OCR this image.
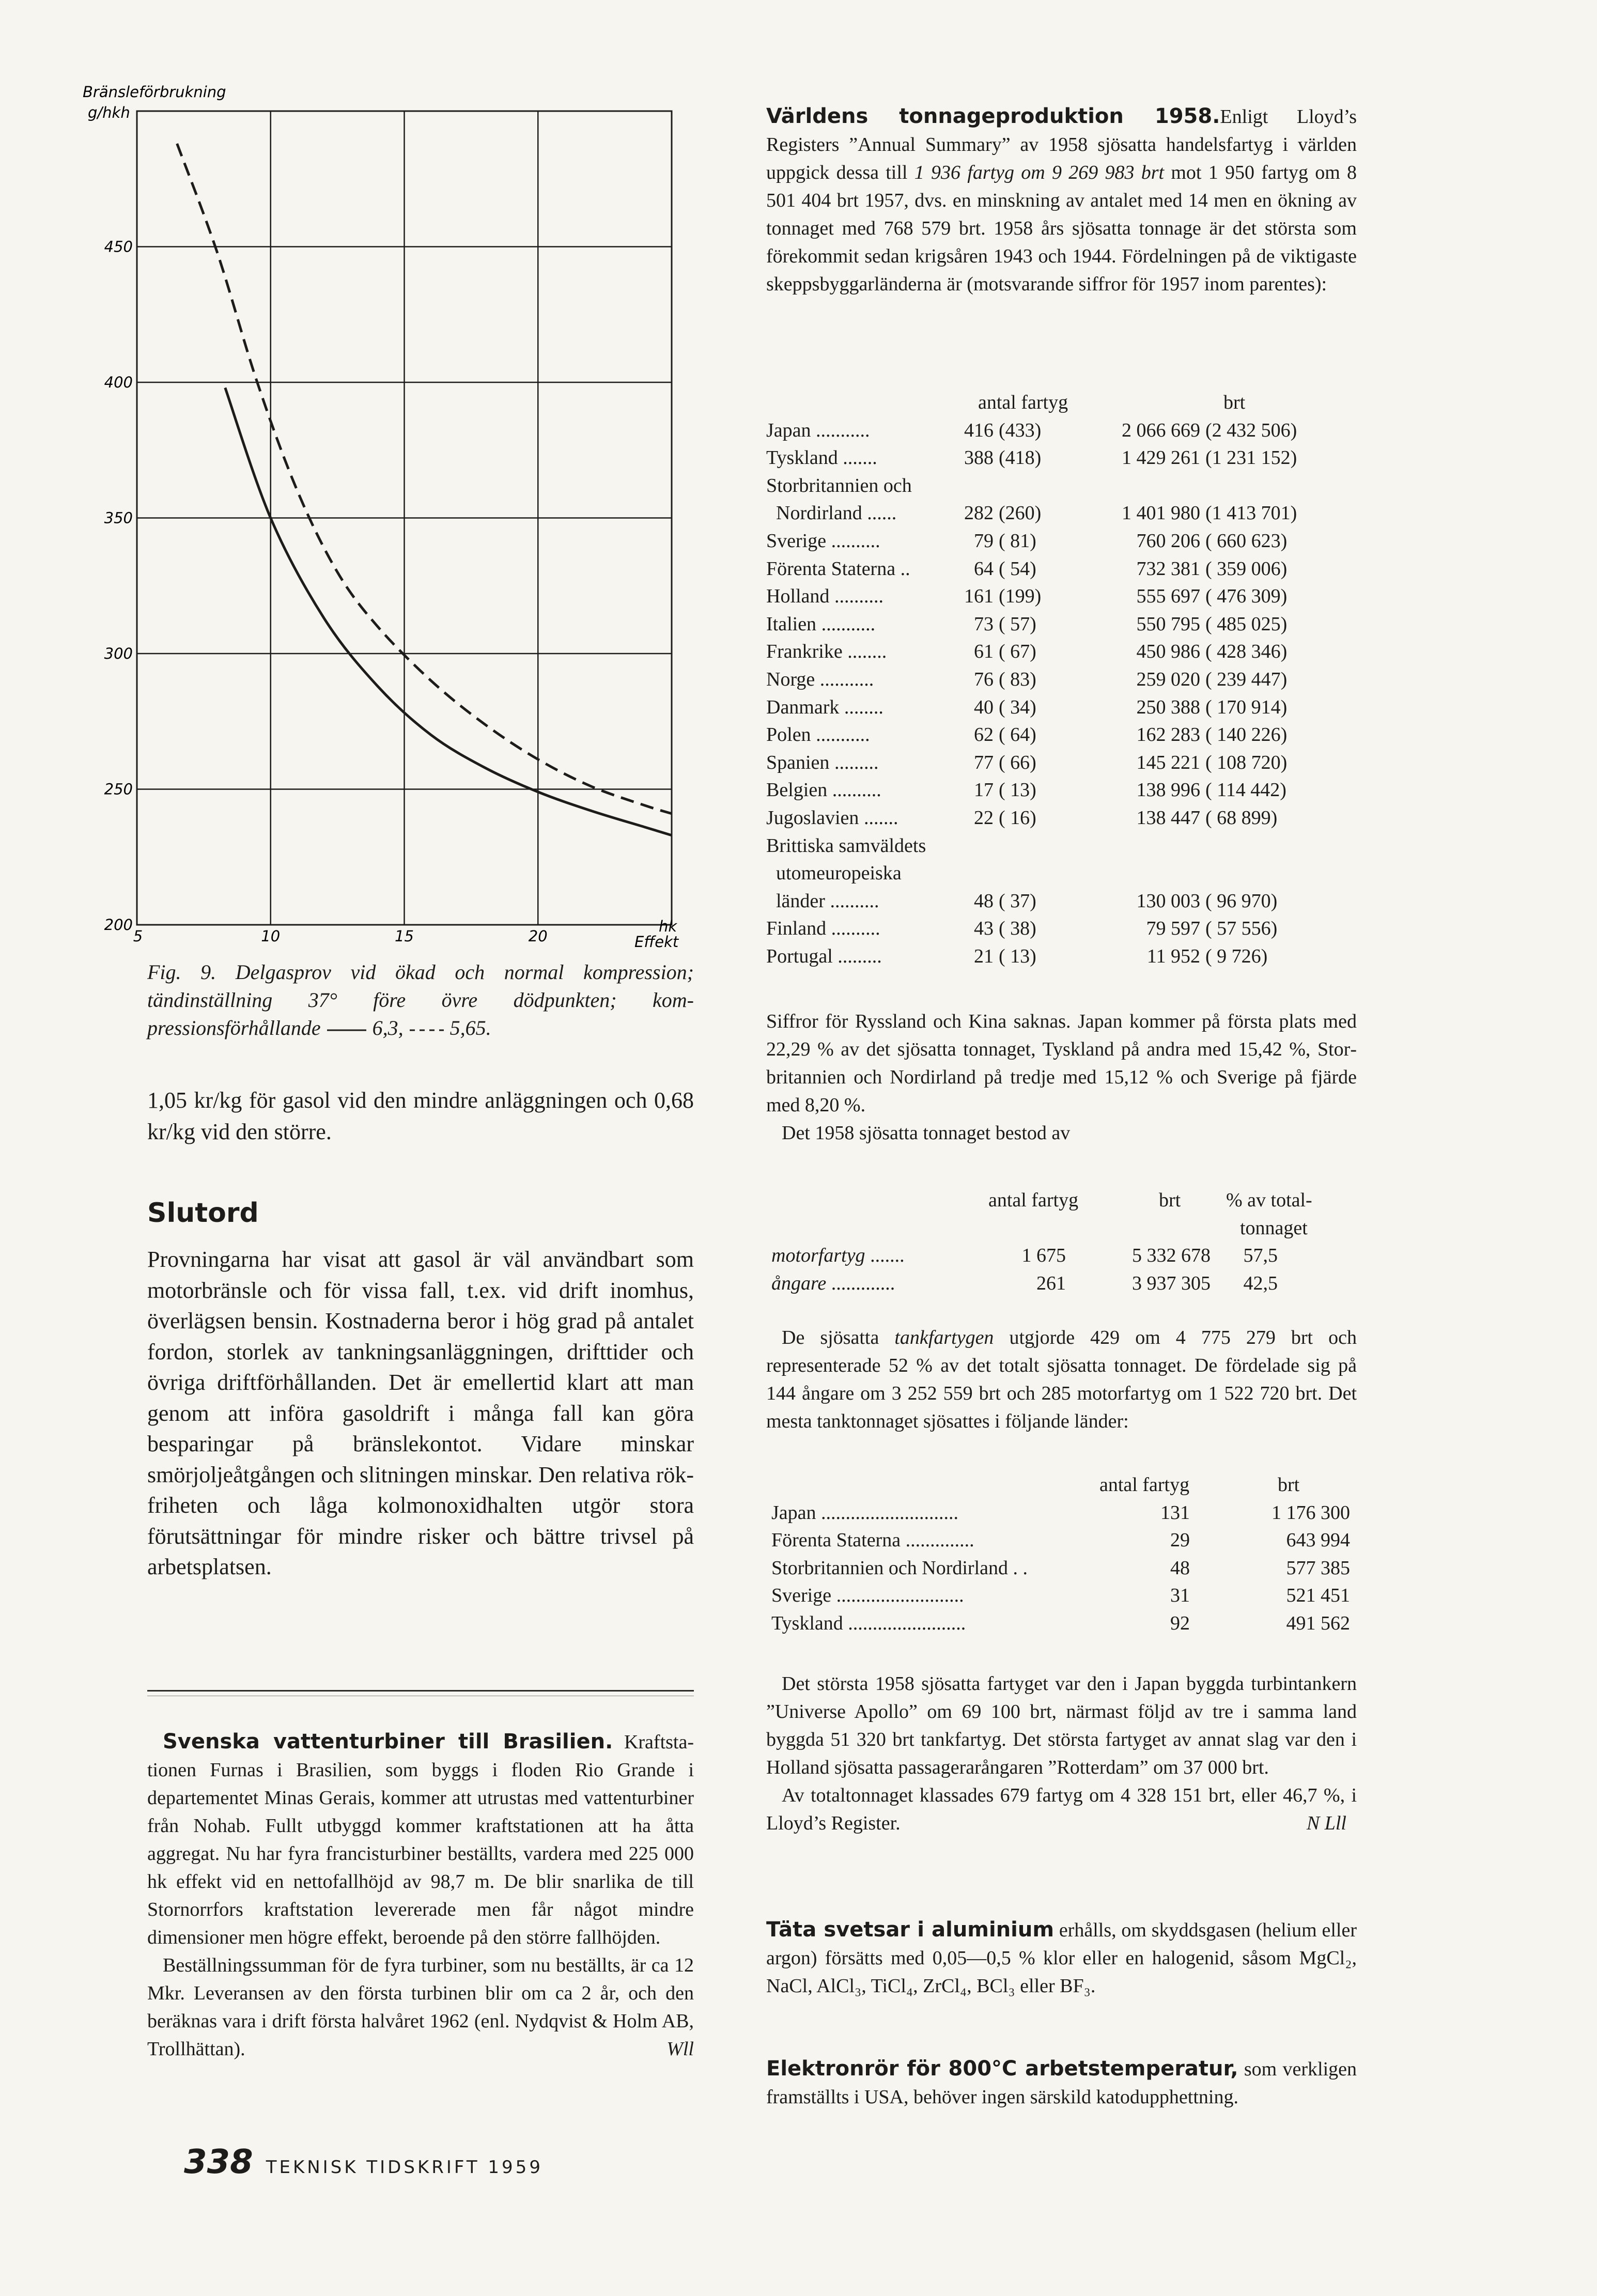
Bränsleförbrukning
g/hkh
200
250
300
350
400
450
5	10	15	20
hk
Effekt

Fig. 9. Delgasprov vid ökad och normal kompression; tändinställning 37° före övre dödpunkten; kompressionsförhållande	6,3, 5,65.

1,05 kr/kg för gasol vid den mindre anläggningen och 0,68 kr/kg vid den större.
Slutord
Provningarna har visat att gasol är väl användbart som motorbränsle och för vissa fall, t.ex. vid drift inomhus, överlägsen bensin. Kostnaderna beror i hög grad på antalet fordon, storlek av tankningsanläggningen, drifttider och övriga driftförhållanden. Det är emellertid klart att man genom att införa gasoldrift i många fall kan göra besparingar på bränslekontot. Vidare minskar smörjoljeåtgången och slitningen minskar. Den relativa rökfriheten och låga kolmonoxidhalten utgör stora förutsättningar för mindre risker och bättre trivsel på arbetsplatsen.

Svenska vattenturbiner till Brasilien. Kraftstationen Furnas i Brasilien, som byggs i floden Rio Grande i departementet Minas Gerais, kommer att utrustas med vattenturbiner från Nohab. Fullt utbyggd kommer kraftstationen att ha åtta aggregat. Nu har fyra francisturbiner beställts, vardera med 225 000 hk effekt vid en nettofallhöjd av 98,7 m. De blir snarlika de till Stornorrfors kraftstation levererade men får något mindre dimensioner men högre effekt, beroende på den större fallhöjden.

Beställningssumman för de fyra turbiner, som nu beställts, är ca 12 Mkr. Leveransen av den första turbinen blir om ca 2 år, och den beräknas vara i drift första halvåret 1962 (enl. Nydqvist & Holm AB, Trollhättan).	Wll

338 TEKNISK TIDSKRIFT 1959

Världens tonnageproduktion 1958.Enligt Lloyd’s Registers ”Annual Summary” av 1958 sjösatta handelsfartyg i världen uppgick dessa till 1 936 fartyg om 9 269 983 brt mot 1 950 fartyg om 8 501 404 brt 1957, dvs. en minskning av antalet med 14 men en ökning av tonnaget med 768 579 brt. 1958 års sjösatta tonnage är det största som förekommit sedan krigsåren 1943 och 1944. Fördelningen på de viktigaste skeppsbyggarländerna är (motsvarande siffror för 1957 inom parentes):

antal fartyg	brt
Japan ...........	416 (433)	2 066 669 (2 432 506)
Tyskland .......	388 (418)	1 429 261 (1 231 152)
Storbritannien och
Nordirland ......	282 (260)	1 401 980 (1 413 701)
Sverige ..........	79 ( 81)	760 206 ( 660 623)
Förenta Staterna ..	64 ( 54)	732 381 ( 359 006)
Holland ..........	161 (199)	555 697 ( 476 309)
Italien ...........	73 ( 57)	550 795 ( 485 025)
Frankrike ........	61 ( 67)	450 986 ( 428 346)
Norge ...........	76 ( 83)	259 020 ( 239 447)
Danmark ........	40 ( 34)	250 388 ( 170 914)
Polen ...........	62 ( 64)	162 283 ( 140 226)
Spanien .........	77 ( 66)	145 221 ( 108 720)
Belgien ..........	17 ( 13)	138 996 ( 114 442)
Jugoslavien .......	22 ( 16)	138 447 ( 68 899)
Brittiska samväldets
utomeuropeiska
länder ..........	48 ( 37)	130 003 ( 96 970)
Finland ..........	43 ( 38)	79 597 ( 57 556)
Portugal .........	21 ( 13)	11 952 ( 9 726)

Siffror för Ryssland och Kina saknas. Japan kommer på första plats med 22,29 % av det sjösatta tonnaget, Tyskland på andra med 15,42 %, Storbritannien och Nordirland på tredje med 15,12 % och Sverige på fjärde med 8,20 %.

Det 1958 sjösatta tonnaget bestod av

antal fartyg	brt % av total-
tonnaget
motorfartyg .......	1 675	5 332 678	57,5
ångare .............	261	3 937 305	42,5

De sjösatta tankfartygen utgjorde 429 om 4 775 279 brt och representerade 52 % av det totalt sjösatta tonnaget. De fördelade sig på 144 ångare om 3 252 559 brt och 285 motorfartyg om 1 522 720 brt. Det mesta tanktonnaget sjösattes i följande länder:

antal fartyg	brt
Japan ............................	131	1 176 300
Förenta Staterna ..............	29	643 994
Storbritannien och Nordirland . .	48	577 385
Sverige ..........................	31	521 451
Tyskland ........................	92	491 562

Det största 1958 sjösatta fartyget var den i Japan byggda turbintankern ”Universe Apollo” om 69 100 brt, närmast följd av tre i samma land byggda 51 320 brt tankfartyg. Det största fartyget av annat slag var den i Holland sjösatta passagerarångaren ”Rotterdam” om 37 000 brt.

Av totaltonnaget klassades 679 fartyg om 4 328 151 brt, eller 46,7 %, i Lloyd’s Register.	N Lll

Täta svetsar i aluminium erhålls, om skyddsgasen (helium eller argon) försätts med 0,05—0,5 % klor eller en halogenid, såsom MgCl₂, NaCl, AlCl₃, TiCl₄, ZrCl₄, BCl₃ eller BF₃.

Elektronrör för 800°C arbetstemperatur, som verkligen framställts i USA, behöver ingen särskild katodupphettning.
